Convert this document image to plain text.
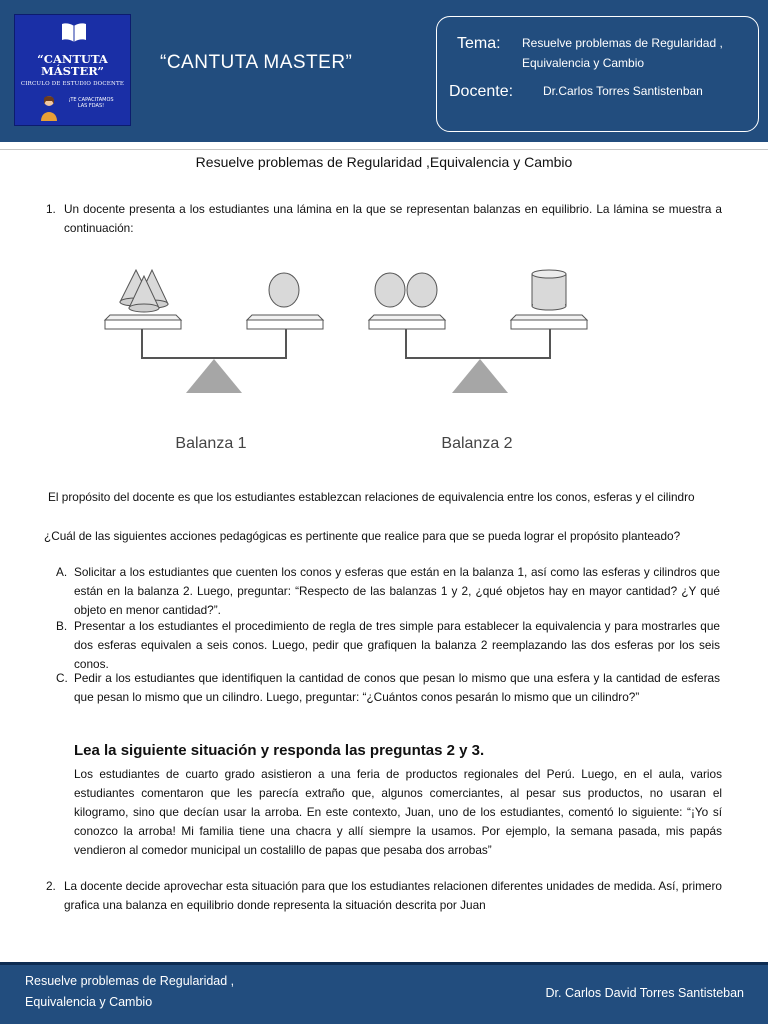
“CANTUTA
MÁSTER”
CIRCULO DE ESTUDIO DOCENTE
¡TE CAPACITAMOS
LAS FDAS!
“CANTUTA MASTER”
Tema: Resuelve problemas de Regularidad ,
Equivalencia y Cambio
Docente: Dr.Carlos Torres Santistenban
Resuelve problemas de Regularidad ,Equivalencia y Cambio
1. Un docente presenta a los estudiantes una lámina en la que se representan balanzas en equilibrio. La lámina se muestra a continuación:
Balanza 1	Balanza 2
El propósito del docente es que los estudiantes establezcan relaciones de equivalencia entre los conos, esferas y el cilindro
¿Cuál de las siguientes acciones pedagógicas es pertinente que realice para que se pueda lograr el propósito planteado?
A. Solicitar a los estudiantes que cuenten los conos y esferas que están en la balanza 1, así como las esferas y cilindros que están en la balanza 2. Luego, preguntar: “Respecto de las balanzas 1 y 2, ¿qué objetos hay en mayor cantidad? ¿Y qué objeto en menor cantidad?”.
B. Presentar a los estudiantes el procedimiento de regla de tres simple para establecer la equivalencia y para mostrarles que dos esferas equivalen a seis conos. Luego, pedir que grafiquen la balanza 2 reemplazando las dos esferas por los seis conos.
C. Pedir a los estudiantes que identifiquen la cantidad de conos que pesan lo mismo que una esfera y la cantidad de esferas que pesan lo mismo que un cilindro. Luego, preguntar: “¿Cuántos conos pesarán lo mismo que un cilindro?”
Lea la siguiente situación y responda las preguntas 2 y 3.
Los estudiantes de cuarto grado asistieron a una feria de productos regionales del Perú. Luego, en el aula, varios estudiantes comentaron que les parecía extraño que, algunos comerciantes, al pesar sus productos, no usaran el kilogramo, sino que decían usar la arroba. En este contexto, Juan, uno de los estudiantes, comentó lo siguiente: “¡Yo sí conozco la arroba! Mi familia tiene una chacra y allí siempre la usamos. Por ejemplo, la semana pasada, mis papás vendieron al comedor municipal un costalillo de papas que pesaba dos arrobas”
2. La docente decide aprovechar esta situación para que los estudiantes relacionen diferentes unidades de medida. Así, primero grafica una balanza en equilibrio donde representa la situación descrita por Juan
Resuelve problemas de Regularidad ,
Equivalencia y Cambio
Dr. Carlos David Torres Santisteban
